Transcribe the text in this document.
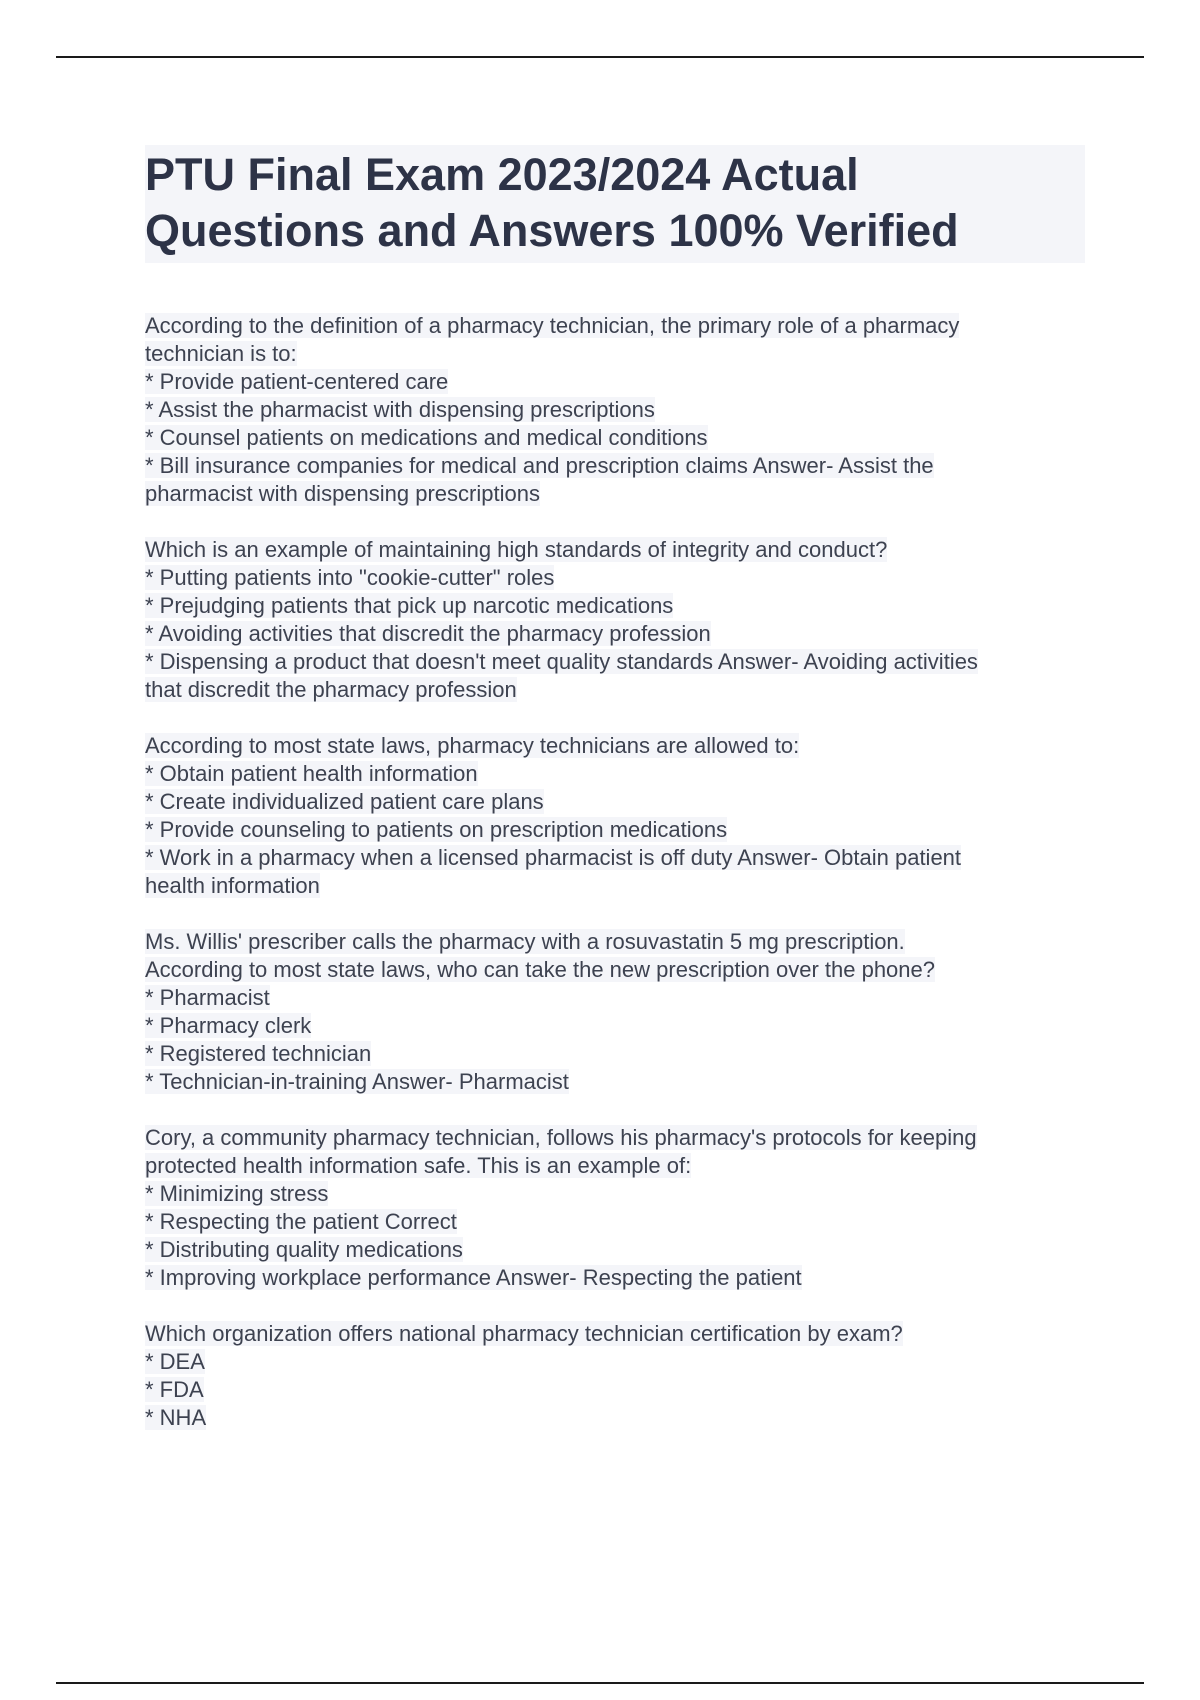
PTU Final Exam 2023/2024 Actual
Questions and Answers 100% Verified
According to the definition of a pharmacy technician, the primary role of a pharmacy
technician is to:
* Provide patient-centered care
* Assist the pharmacist with dispensing prescriptions
* Counsel patients on medications and medical conditions
* Bill insurance companies for medical and prescription claims Answer- Assist the
pharmacist with dispensing prescriptions
Which is an example of maintaining high standards of integrity and conduct?
* Putting patients into "cookie-cutter" roles
* Prejudging patients that pick up narcotic medications
* Avoiding activities that discredit the pharmacy profession
* Dispensing a product that doesn't meet quality standards Answer- Avoiding activities
that discredit the pharmacy profession
According to most state laws, pharmacy technicians are allowed to:
* Obtain patient health information
* Create individualized patient care plans
* Provide counseling to patients on prescription medications
* Work in a pharmacy when a licensed pharmacist is off duty Answer- Obtain patient
health information
Ms. Willis' prescriber calls the pharmacy with a rosuvastatin 5 mg prescription.
According to most state laws, who can take the new prescription over the phone?
* Pharmacist
* Pharmacy clerk
* Registered technician
* Technician-in-training Answer- Pharmacist
Cory, a community pharmacy technician, follows his pharmacy's protocols for keeping
protected health information safe. This is an example of:
* Minimizing stress
* Respecting the patient Correct
* Distributing quality medications
* Improving workplace performance Answer- Respecting the patient
Which organization offers national pharmacy technician certification by exam?
* DEA
* FDA
* NHA
